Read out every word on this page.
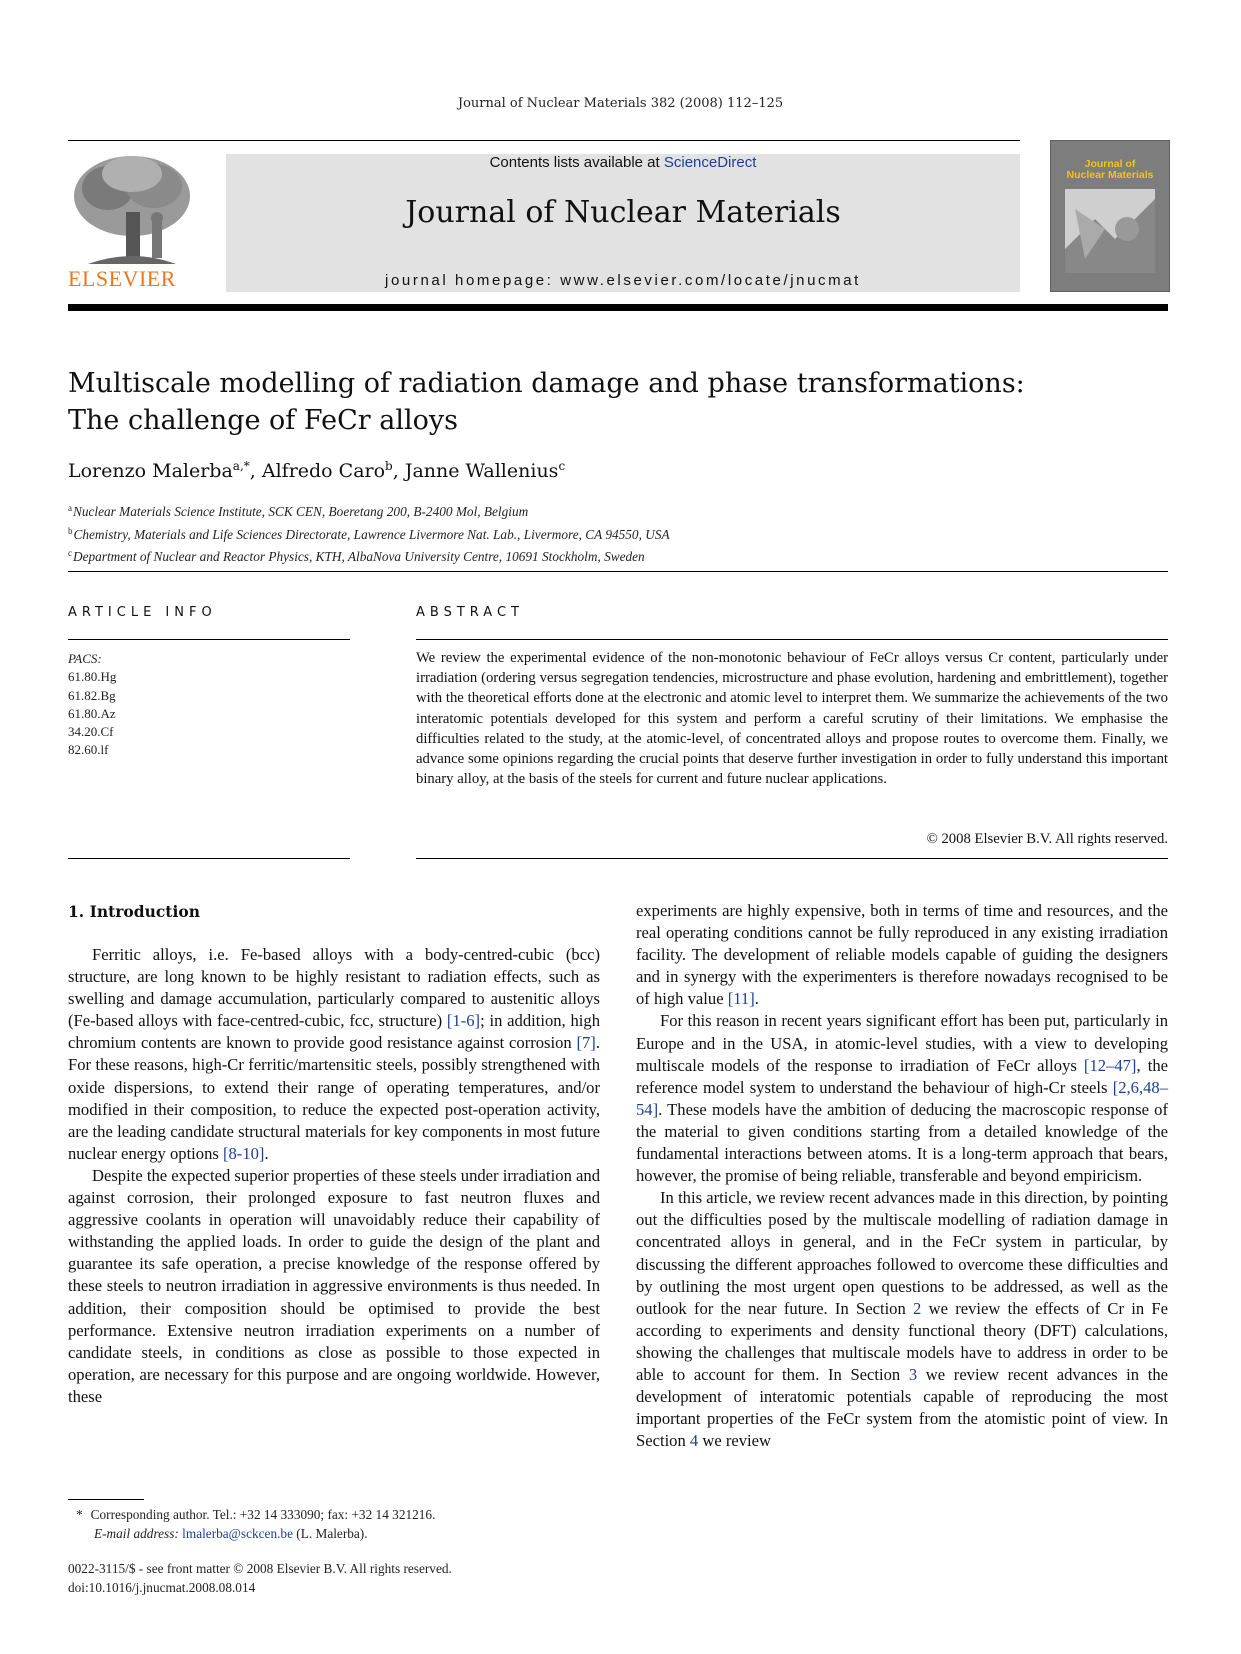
Journal of Nuclear Materials 382 (2008) 112–125
ELSEVIER
Contents lists available at ScienceDirect
Journal of Nuclear Materials
journal homepage: www.elsevier.com/locate/jnucmat
Journal of
Nuclear Materials
Multiscale modelling of radiation damage and phase transformations:
The challenge of FeCr alloys
Lorenzo Malerba$^{a,*}$, Alfredo Caro$^b$, Janne Wallenius$^c$
$^a$Nuclear Materials Science Institute, SCK CEN, Boeretang 200, B-2400 Mol, Belgium
$^b$Chemistry, Materials and Life Sciences Directorate, Lawrence Livermore Nat. Lab., Livermore, CA 94550, USA
$^c$Department of Nuclear and Reactor Physics, KTH, AlbaNova University Centre, 10691 Stockholm, Sweden
ARTICLE INFO
PACS:
61.80.Hg
61.82.Bg
61.80.Az
34.20.Cf
82.60.lf
ABSTRACT
We review the experimental evidence of the non-monotonic behaviour of FeCr alloys versus Cr content, particularly under irradiation (ordering versus segregation tendencies, microstructure and phase evolution, hardening and embrittlement), together with the theoretical efforts done at the electronic and atomic level to interpret them. We summarize the achievements of the two interatomic potentials developed for this system and perform a careful scrutiny of their limitations. We emphasise the difficulties related to the study, at the atomic-level, of concentrated alloys and propose routes to overcome them. Finally, we advance some opinions regarding the crucial points that deserve further investigation in order to fully understand this important binary alloy, at the basis of the steels for current and future nuclear applications.
© 2008 Elsevier B.V. All rights reserved.
1. Introduction

Ferritic alloys, i.e. Fe-based alloys with a body-centred-cubic (bcc) structure, are long known to be highly resistant to radiation effects, such as swelling and damage accumulation, particularly compared to austenitic alloys (Fe-based alloys with face-centred-cubic, fcc, structure) [1-6]; in addition, high chromium contents are known to provide good resistance against corrosion [7]. For these reasons, high-Cr ferritic/martensitic steels, possibly strengthened with oxide dispersions, to extend their range of operating temperatures, and/or modified in their composition, to reduce the expected post-operation activity, are the leading candidate structural materials for key components in most future nuclear energy options [8-10].

Despite the expected superior properties of these steels under irradiation and against corrosion, their prolonged exposure to fast neutron fluxes and aggressive coolants in operation will unavoidably reduce their capability of withstanding the applied loads. In order to guide the design of the plant and guarantee its safe operation, a precise knowledge of the response offered by these steels to neutron irradiation in aggressive environments is thus needed. In addition, their composition should be optimised to provide the best performance. Extensive neutron irradiation experiments on a number of candidate steels, in conditions as close as possible to those expected in operation, are necessary for this purpose and are ongoing worldwide. However, these

experiments are highly expensive, both in terms of time and resources, and the real operating conditions cannot be fully reproduced in any existing irradiation facility. The development of reliable models capable of guiding the designers and in synergy with the experimenters is therefore nowadays recognised to be of high value [11].

For this reason in recent years significant effort has been put, particularly in Europe and in the USA, in atomic-level studies, with a view to developing multiscale models of the response to irradiation of FeCr alloys [12–47], the reference model system to understand the behaviour of high-Cr steels [2,6,48–54]. These models have the ambition of deducing the macroscopic response of the material to given conditions starting from a detailed knowledge of the fundamental interactions between atoms. It is a long-term approach that bears, however, the promise of being reliable, transferable and beyond empiricism.

In this article, we review recent advances made in this direction, by pointing out the difficulties posed by the multiscale modelling of radiation damage in concentrated alloys in general, and in the FeCr system in particular, by discussing the different approaches followed to overcome these difficulties and by outlining the most urgent open questions to be addressed, as well as the outlook for the near future. In Section 2 we review the effects of Cr in Fe according to experiments and density functional theory (DFT) calculations, showing the challenges that multiscale models have to address in order to be able to account for them. In Section 3 we review recent advances in the development of interatomic potentials capable of reproducing the most important properties of the FeCr system from the atomistic point of view. In Section 4 we review

* Corresponding author. Tel.: +32 14 333090; fax: +32 14 321216.
E-mail address: lmalerba@sckcen.be (L. Malerba).
0022-3115/$ - see front matter © 2008 Elsevier B.V. All rights reserved.
doi:10.1016/j.jnucmat.2008.08.014
